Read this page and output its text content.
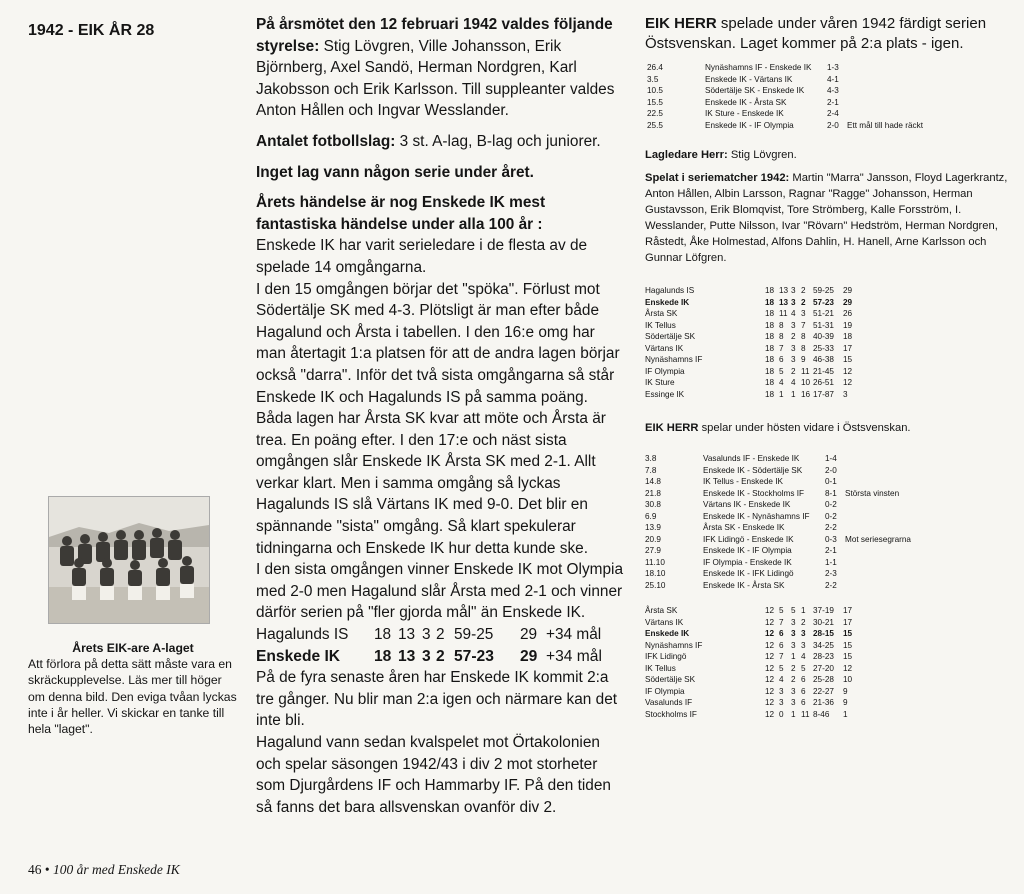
1942 - EIK ÅR 28
Årets EIK-are A-laget
Att förlora på detta sätt måste vara en skräckupplevelse. Läs mer till höger om denna bild. Den eviga tvåan lyckas inte i år heller. Vi skickar en tanke till hela "laget".
46 • 100 år med Enskede IK

På årsmötet den 12 februari 1942 valdes följande styrelse: Stig Lövgren, Ville Johansson, Erik Björnberg, Axel Sandö, Herman Nordgren, Karl Jakobsson och Erik Karlsson. Till suppleanter valdes Anton Hållen och Ingvar Wesslander.

Antalet fotbollslag: 3 st. A-lag, B-lag och juniorer.

Inget lag vann någon serie under året.

Årets händelse är nog Enskede IK mest fantastiska händelse under alla 100 år :
Enskede IK har varit serieledare i de flesta av de spelade 14 omgångarna.
I den 15 omgången börjar det "spöka". Förlust mot Södertälje SK med 4-3. Plötsligt är man efter både Hagalund och Årsta i tabellen. I den 16:e omg har man återtagit 1:a platsen för att de andra lagen börjar också "darra". Inför det två sista omgångarna så står Enskede IK och Hagalunds IS på samma poäng. Båda lagen har Årsta SK kvar att möte och Årsta är trea. En poäng efter. I den 17:e och näst sista omgången slår Enskede IK Årsta SK med 2-1. Allt verkar klart. Men i samma omgång så lyckas Hagalunds IS slå Värtans IK med 9-0. Det blir en spännande "sista" omgång. Så klart spekulerar tidningarna och Enskede IK hur detta kunde ske.
I den sista omgången vinner Enskede IK mot Olympia med 2-0 men Hagalund slår Årsta med 2-1 och vinner därför serien på "fler gjorda mål" än Enskede IK.

Hagalunds IS	18 13 3 2 59-25	29 +34 mål
Enskede IK	18 13 3 2 57-23	29 +34 mål
På de fyra senaste åren har Enskede IK kommit 2:a tre gånger. Nu blir man 2:a igen och närmare kan det inte bli.
Hagalund vann sedan kvalspelet mot Örtakolonien och spelar säsongen 1942/43 i div 2 mot storheter som Djurgårdens IF och Hammarby IF. På den tiden så fanns det bara allsvenskan ovanför div 2.

EIK HERR spelade under våren 1942 färdigt serien Östsvenskan. Laget kommer på 2:a plats - igen.

26.4	Nynäshamns IF - Enskede IK	1-3	
3.5	Enskede IK - Värtans IK	4-1	
10.5	Södertälje SK - Enskede IK	4-3	
15.5	Enskede IK - Årsta SK	2-1	
22.5	IK Sture - Enskede IK	2-4	
25.5	Enskede IK - IF Olympia	2-0	Ett mål till hade räckt

Lagledare Herr: Stig Lövgren.

Spelat i seriematcher 1942: Martin "Marra" Jansson, Floyd Lagerkrantz, Anton Hållen, Albin Larsson, Ragnar "Ragge" Johansson, Herman Gustavsson, Erik Blomqvist, Tore Strömberg, Kalle Forsström, I. Wesslander, Putte Nilsson, Ivar "Rövarn" Hedström, Herman Nordgren, Råstedt, Åke Holmestad, Alfons Dahlin, H. Hanell, Arne Karlsson och Gunnar Löfgren.

Hagalunds IS	18	13	3	2	59-25	29
Enskede IK	18	13	3	2	57-23	29
Årsta SK	18	11	4	3	51-21	26
IK Tellus	18	8	3	7	51-31	19
Södertälje SK	18	8	2	8	40-39	18
Värtans IK	18	7	3	8	25-33	17
Nynäshamns IF	18	6	3	9	46-38	15
IF Olympia	18	5	2	11	21-45	12
IK Sture	18	4	4	10	26-51	12
Essinge IK	18	1	1	16	17-87	3

EIK HERR spelar under hösten vidare i Östsvenskan.

3.8	Vasalunds IF - Enskede IK	1-4	
7.8	Enskede IK - Södertälje SK	2-0	
14.8	IK Tellus - Enskede IK	0-1	
21.8	Enskede IK - Stockholms IF	8-1	Största vinsten
30.8	Värtans IK - Enskede IK	0-2	
6.9	Enskede IK - Nynäshamns IF	0-2	
13.9	Årsta SK - Enskede IK	2-2	
20.9	IFK Lidingö - Enskede IK	0-3	Mot seriesegrarna
27.9	Enskede IK - IF Olympia	2-1	
11.10	IF Olympia - Enskede IK	1-1	
18.10	Enskede IK - IFK Lidingö	2-3	
25.10	Enskede IK - Årsta SK	2-2	
Årsta SK	12	5	5	1	37-19	17
Värtans IK	12	7	3	2	30-21	17
Enskede IK	12	6	3	3	28-15	15
Nynäshamns IF	12	6	3	3	34-25	15
IFK Lidingö	12	7	1	4	28-23	15
IK Tellus	12	5	2	5	27-20	12
Södertälje SK	12	4	2	6	25-28	10
IF Olympia	12	3	3	6	22-27	9
Vasalunds IF	12	3	3	6	21-36	9
Stockholms IF	12	0	1	11	8-46	1
